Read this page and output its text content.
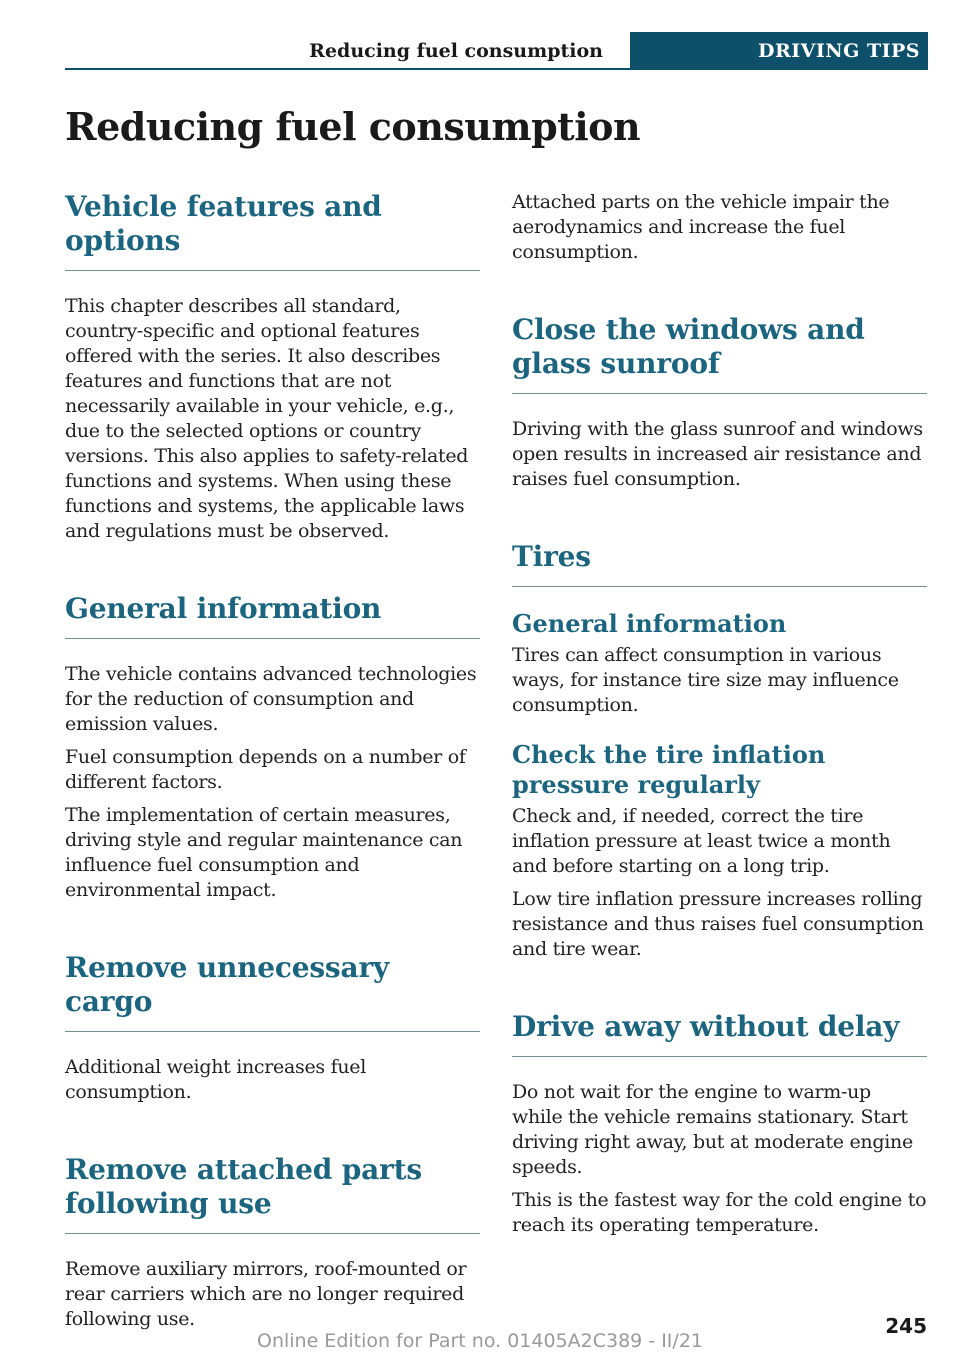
Reducing fuel consumption	DRIVING TIPS
Reducing fuel consumption
Vehicle features and options

This chapter describes all standard, country-specific and optional features offered with the series. It also describes features and functions that are not necessarily available in your vehicle, e.g., due to the selected options or country versions. This also applies to safety-related functions and systems. When using these functions and systems, the applicable laws and regulations must be observed.

General information

The vehicle contains advanced technologies for the reduction of consumption and emission values.

Fuel consumption depends on a number of different factors.

The implementation of certain measures, driving style and regular maintenance can influence fuel consumption and environmental impact.

Remove unnecessary cargo

Additional weight increases fuel consumption.

Remove attached parts following use

Remove auxiliary mirrors, roof-mounted or rear carriers which are no longer required following use.

Attached parts on the vehicle impair the aerodynamics and increase the fuel consumption.

Close the windows and glass sunroof

Driving with the glass sunroof and windows open results in increased air resistance and raises fuel consumption.

Tires
General information

Tires can affect consumption in various ways, for instance tire size may influence consumption.

Check the tire inflation pressure regularly

Check and, if needed, correct the tire inflation pressure at least twice a month and before starting on a long trip.

Low tire inflation pressure increases rolling resistance and thus raises fuel consumption and tire wear.

Drive away without delay

Do not wait for the engine to warm-up while the vehicle remains stationary. Start driving right away, but at moderate engine speeds.

This is the fastest way for the cold engine to reach its operating temperature.

245
Online Edition for Part no. 01405A2C389 - II/21
